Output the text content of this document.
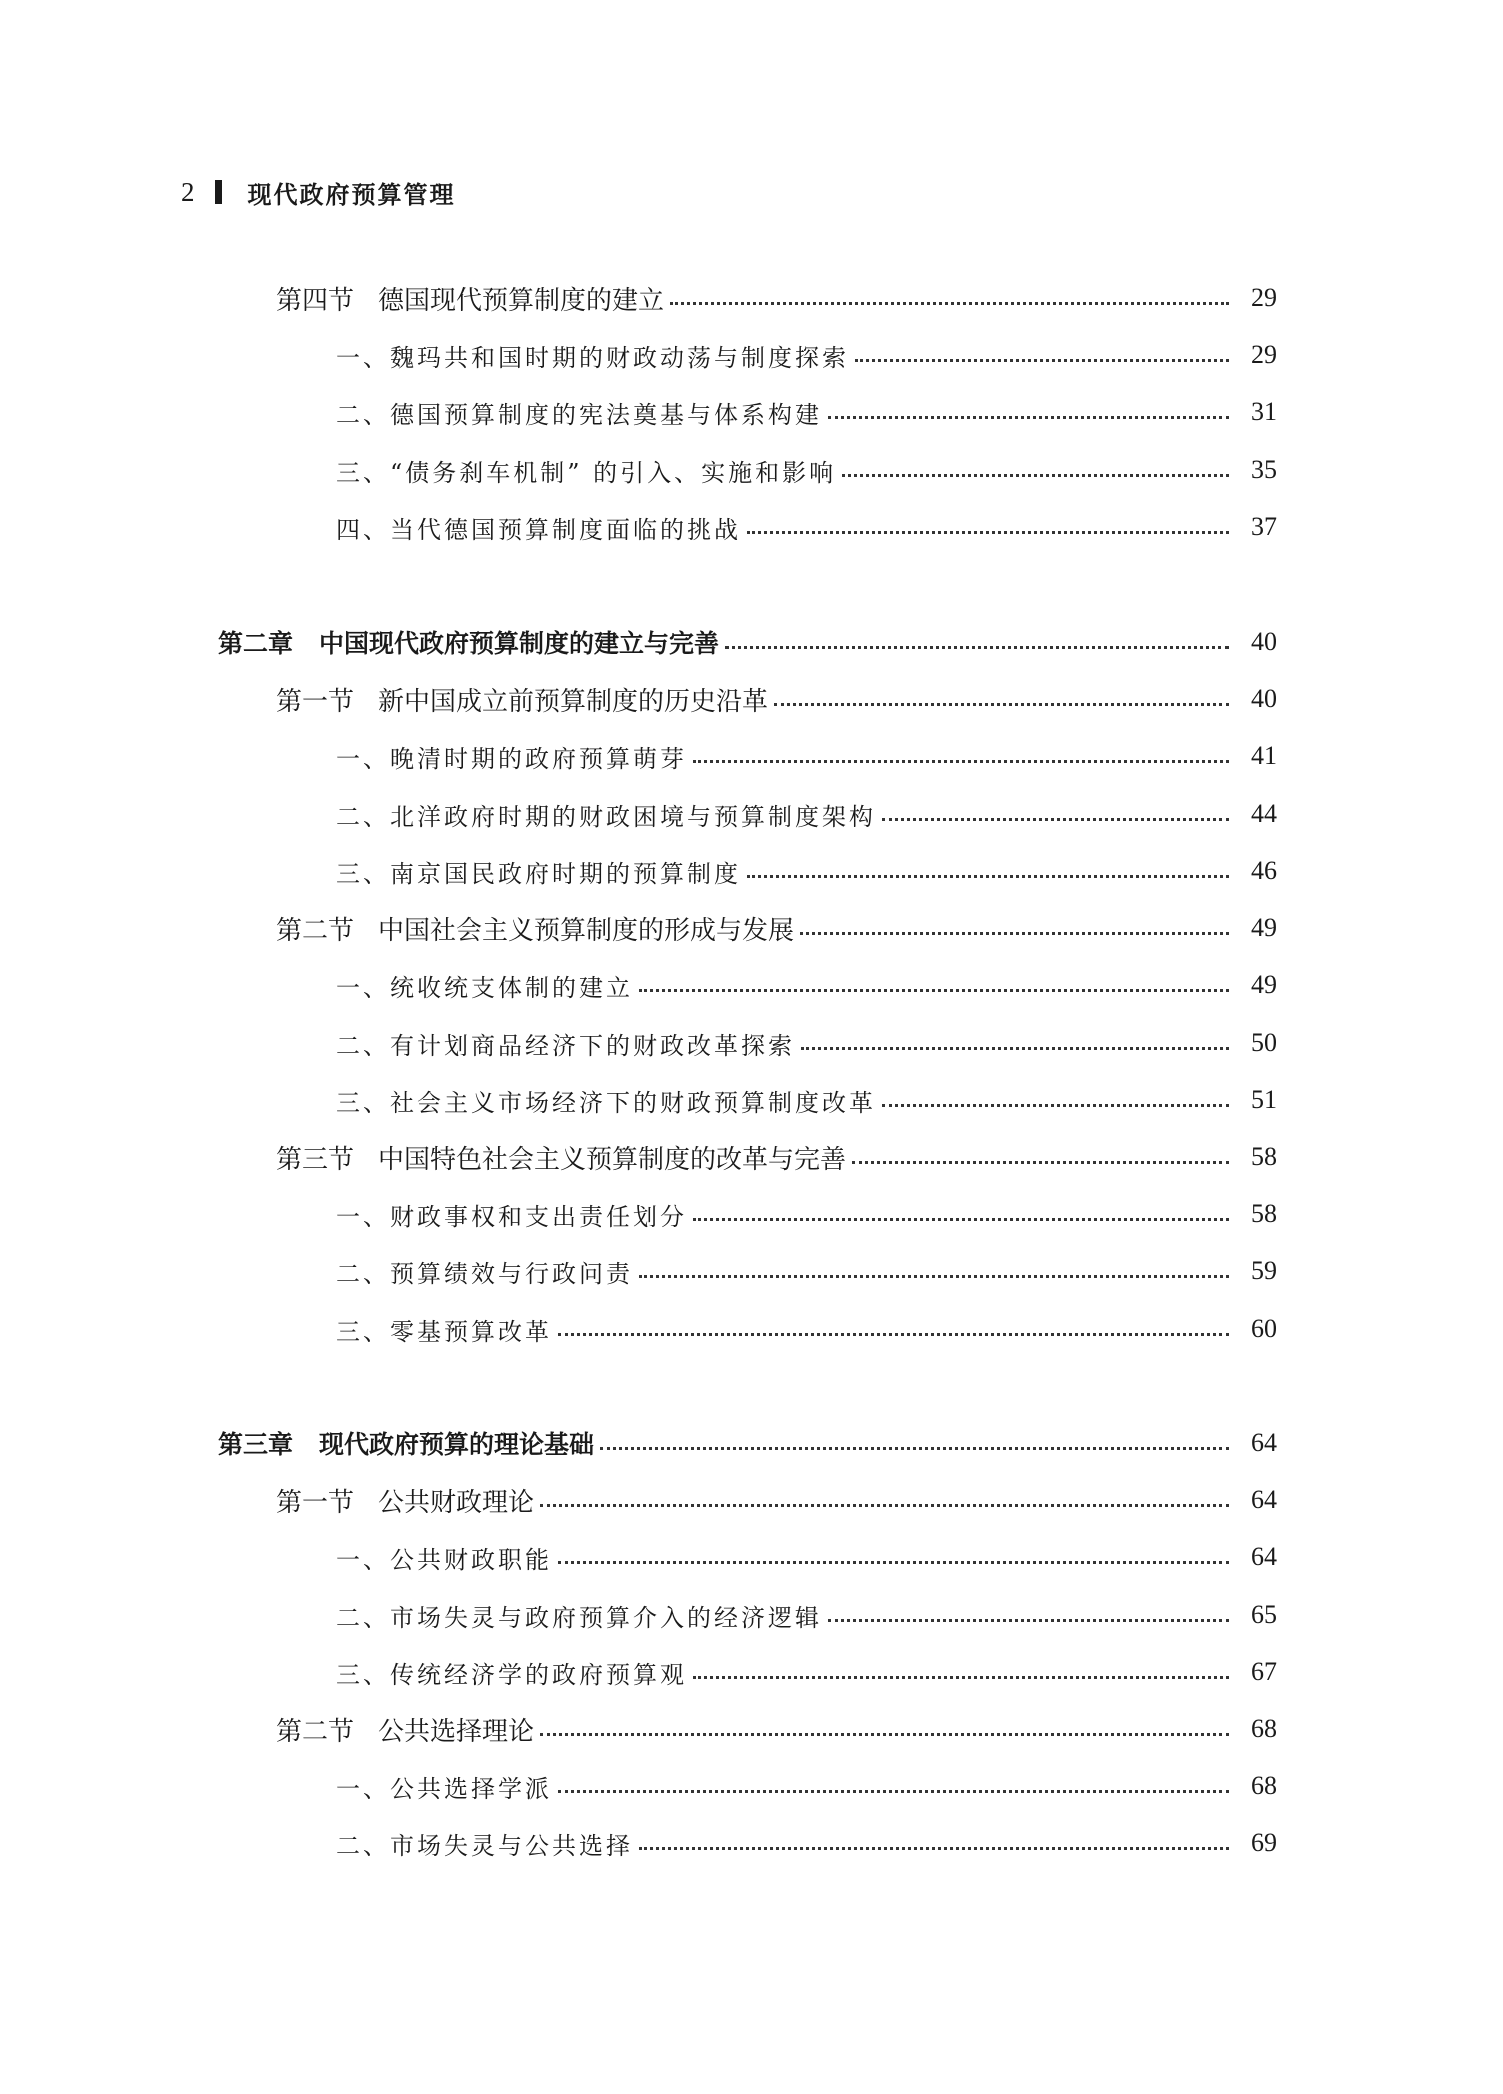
2 现代政府预算管理
第四节 德国现代预算制度的建立	29
一、魏玛共和国时期的财政动荡与制度探索	29
二、德国预算制度的宪法奠基与体系构建	31
三、“债务刹车机制” 的引入、实施和影响	35
四、当代德国预算制度面临的挑战	37
第二章 中国现代政府预算制度的建立与完善	40
第一节 新中国成立前预算制度的历史沿革	40
一、晚清时期的政府预算萌芽	41
二、北洋政府时期的财政困境与预算制度架构	44
三、南京国民政府时期的预算制度	46
第二节 中国社会主义预算制度的形成与发展	49
一、统收统支体制的建立	49
二、有计划商品经济下的财政改革探索	50
三、社会主义市场经济下的财政预算制度改革	51
第三节 中国特色社会主义预算制度的改革与完善	58
一、财政事权和支出责任划分	58
二、预算绩效与行政问责	59
三、零基预算改革	60
第三章 现代政府预算的理论基础	64
第一节 公共财政理论	64
一、公共财政职能	64
二、市场失灵与政府预算介入的经济逻辑	65
三、传统经济学的政府预算观	67
第二节 公共选择理论	68
一、公共选择学派	68
二、市场失灵与公共选择	69
